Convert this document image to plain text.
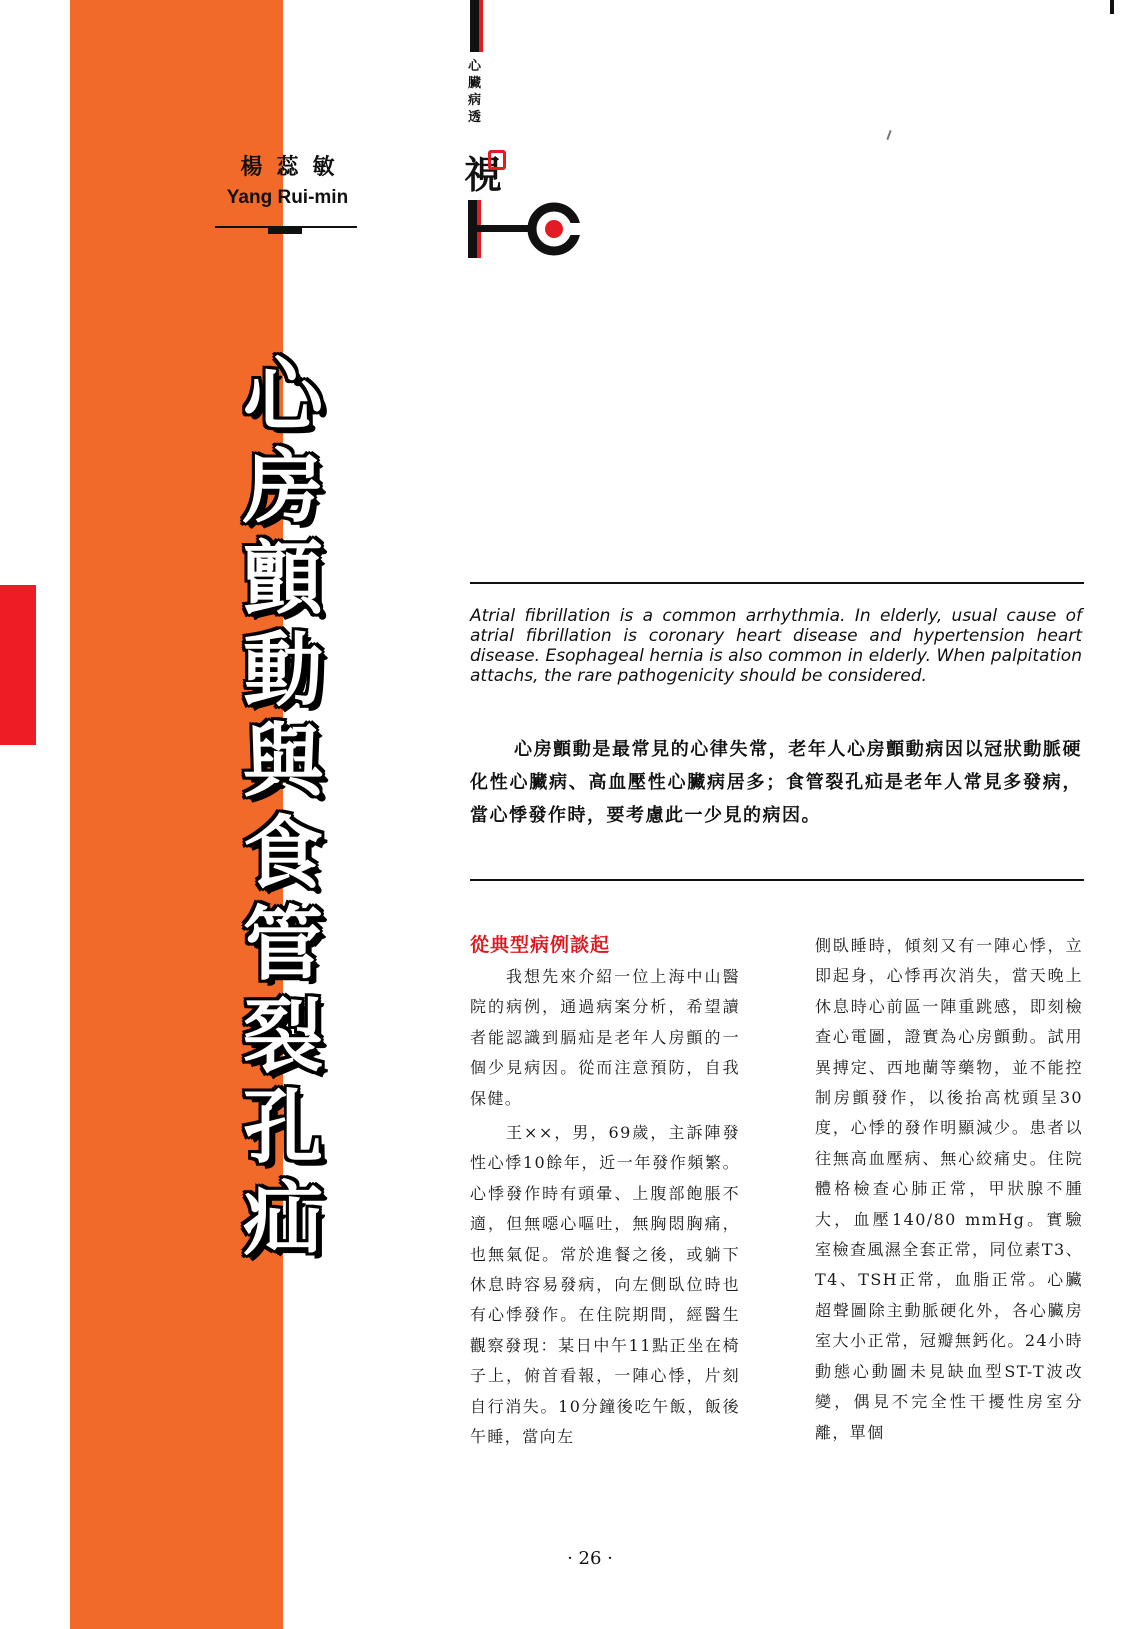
楊蕊敏
Yang Rui-min
心臟病透
視
心
房
顫
動
與
食
管
裂
孔
疝
Atrial fibrillation is a common arrhythmia. In elderly, usual cause of atrial fibrillation is coronary heart disease and hypertension heart disease. Esophageal hernia is also common in elderly. When palpitation attachs, the rare pathogenicity should be considered.
心房顫動是最常見的心律失常，老年人心房顫動病因以冠狀動脈硬化性心臟病、高血壓性心臟病居多；食管裂孔疝是老年人常見多發病，當心悸發作時，要考慮此一少見的病因。
從典型病例談起

我想先來介紹一位上海中山醫院的病例，通過病案分析，希望讀者能認識到膈疝是老年人房顫的一個少見病因。從而注意預防，自我保健。

王××，男，69歲，主訴陣發性心悸10餘年，近一年發作頻繁。心悸發作時有頭暈、上腹部飽脹不適，但無噁心嘔吐，無胸悶胸痛，也無氣促。常於進餐之後，或躺下休息時容易發病，向左側臥位時也有心悸發作。在住院期間，經醫生觀察發現：某日中午11點正坐在椅子上，俯首看報，一陣心悸，片刻自行消失。10分鐘後吃午飯，飯後午睡，當向左

側臥睡時，傾刻又有一陣心悸，立即起身，心悸再次消失，當天晚上休息時心前區一陣重跳感，即刻檢查心電圖，證實為心房顫動。試用異搏定、西地蘭等藥物，並不能控制房顫發作，以後抬高枕頭呈30度，心悸的發作明顯減少。患者以往無高血壓病、無心絞痛史。住院體格檢查心肺正常，甲狀腺不腫大，血壓140/80 mmHg。實驗室檢查風濕全套正常，同位素T3、T4、TSH正常，血脂正常。心臟超聲圖除主動脈硬化外，各心臟房室大小正常，冠瓣無鈣化。24小時動態心動圖未見缺血型ST-T波改變，偶見不完全性干擾性房室分離，單個

· 26 ·
